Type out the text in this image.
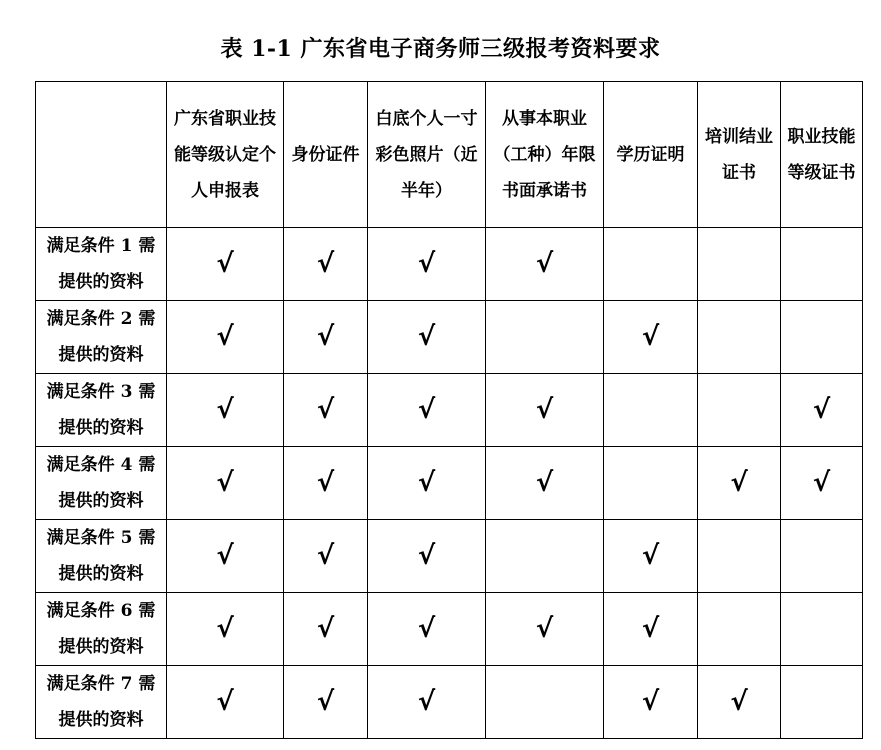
表 1-1 广东省电子商务师三级报考资料要求
	广东省职业技能等级认定个人申报表	身份证件	白底个人一寸彩色照片（近半年）	从事本职业（工种）年限书面承诺书	学历证明	培训结业证书	职业技能等级证书
满足条件 1 需提供的资料	√	√	√	√			
满足条件 2 需提供的资料	√	√	√		√		
满足条件 3 需提供的资料	√	√	√	√			√
满足条件 4 需提供的资料	√	√	√	√		√	√
满足条件 5 需提供的资料	√	√	√		√		
满足条件 6 需提供的资料	√	√	√	√	√		
满足条件 7 需提供的资料	√	√	√		√	√	
